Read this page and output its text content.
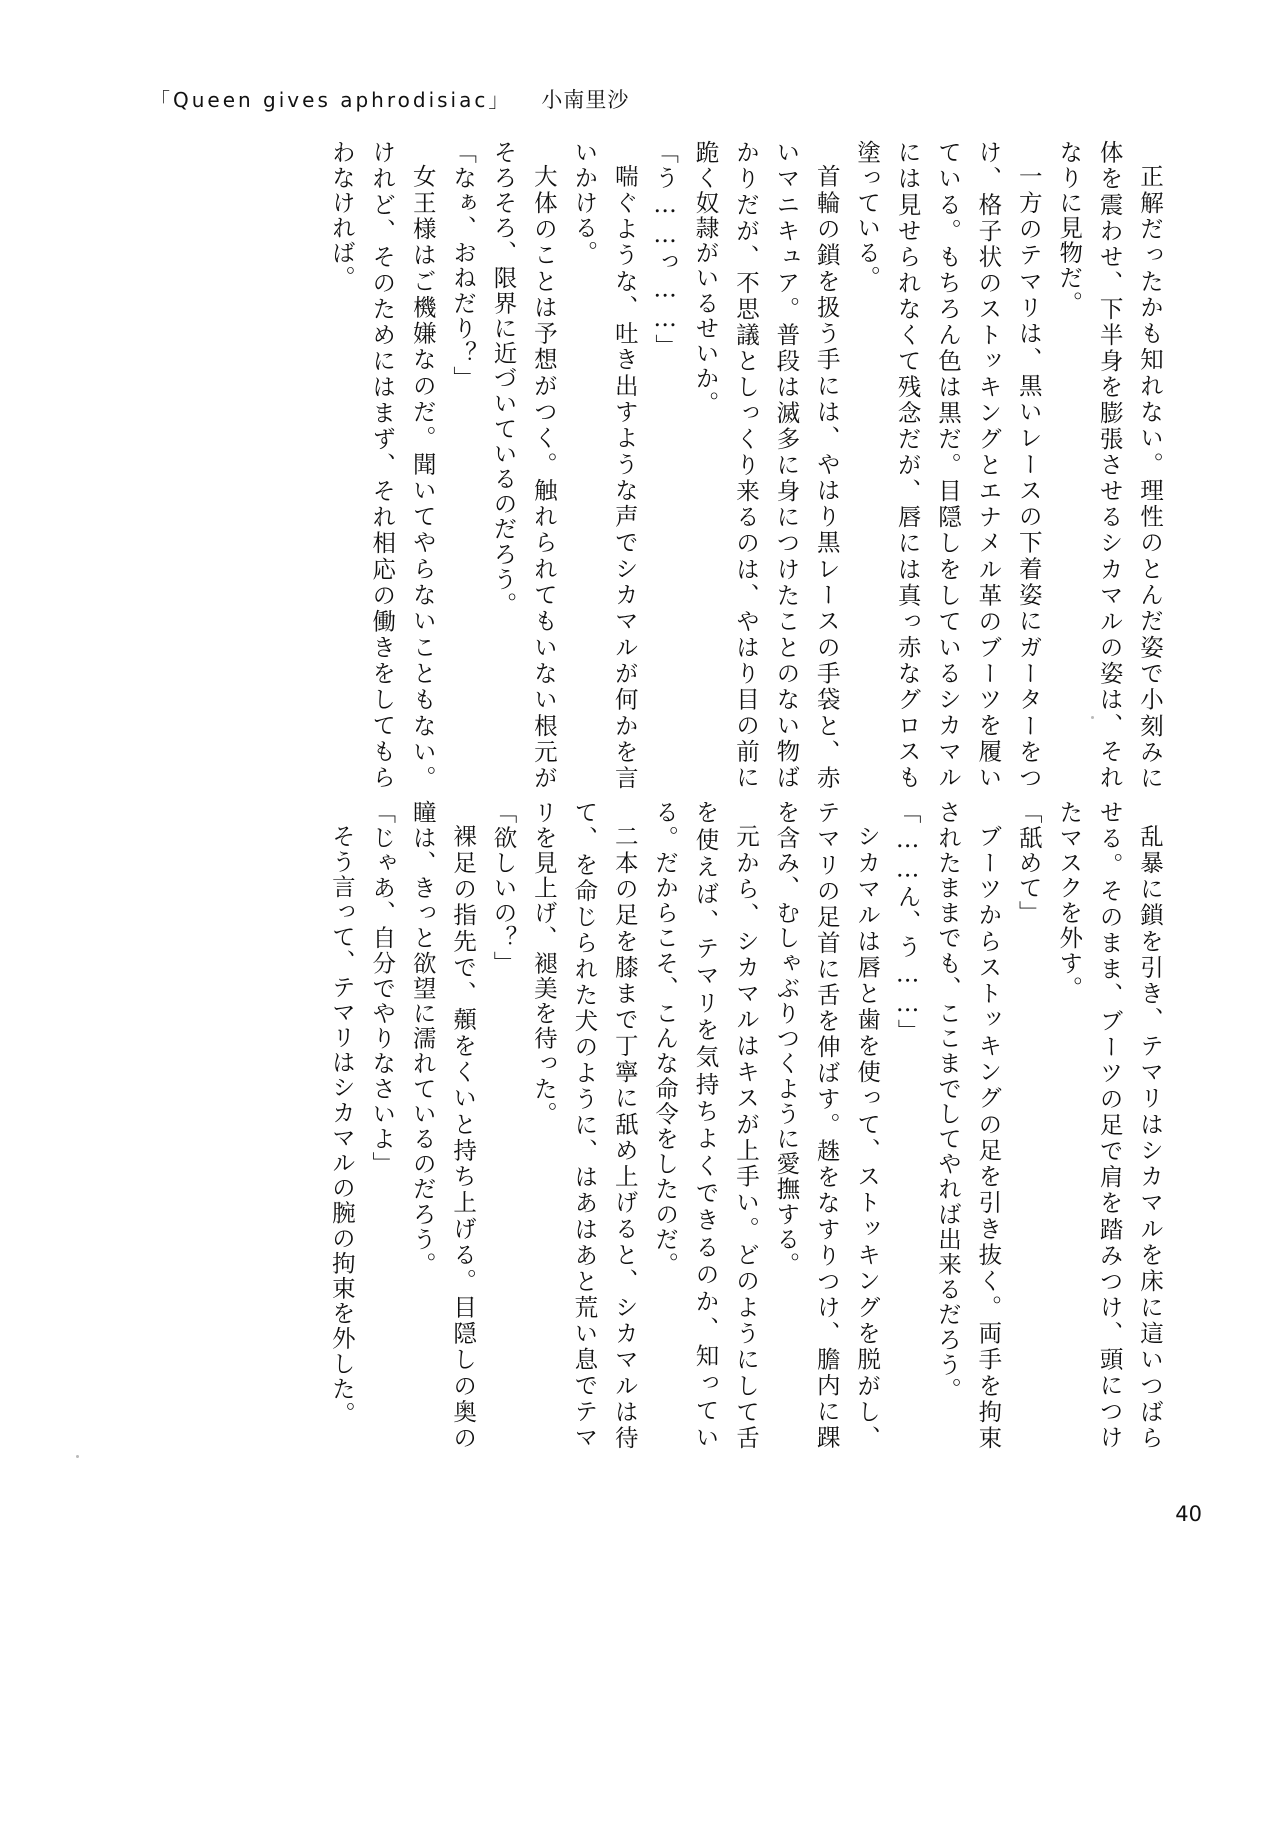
「Queen gives aphrodisiac」 小南里沙

正解だったかも知れない。理性のとんだ姿で小刻みに体を震わせ、下半身を膨張させるシカマルの姿は、それなりに見物だ。

一方のテマリは、黒いレースの下着姿にガーターをつけ、格子状のストッキングとエナメル革のブーツを履いている。もちろん色は黒だ。目隠しをしているシカマルには見せられなくて残念だが、唇には真っ赤なグロスも塗っている。

首輪の鎖を扱う手には、やはり黒レースの手袋と、赤いマニキュア。普段は滅多に身につけたことのない物ばかりだが、不思議としっくり来るのは、やはり目の前に跪く奴隷がいるせいか。

「う……っ……」

喘ぐような、吐き出すような声でシカマルが何かを言いかける。

大体のことは予想がつく。触れられてもいない根元がそろそろ、限界に近づいているのだろう。

「なぁ、おねだり？」

女王様はご機嫌なのだ。聞いてやらないこともない。けれど、そのためにはまず、それ相応の働きをしてもらわなければ。

乱暴に鎖を引き、テマリはシカマルを床に這いつばらせる。そのまま、ブーツの足で肩を踏みつけ、頭につけたマスクを外す。

「舐めて」

ブーツからストッキングの足を引き抜く。両手を拘束されたままでも、ここまでしてやれば出来るだろう。

「……ん、う……」

シカマルは唇と歯を使って、ストッキングを脱がし、テマリの足首に舌を伸ばす。趎をなすりつけ、膽内に踝を含み、むしゃぶりつくように愛撫する。

元から、シカマルはキスが上手い。どのようにして舌を使えば、テマリを気持ちよくできるのか、知っている。だからこそ、こんな命令をしたのだ。

二本の足を膝まで丁寧に舐め上げると、シカマルは待て、を命じられた犬のように、はあはあと荒い息でテマリを見上げ、褪美を待った。

「欲しいの？」

裸足の指先で、顤をくいと持ち上げる。目隠しの奥の瞳は、きっと欲望に濡れているのだろう。

「じゃあ、自分でやりなさいよ」

そう言って、テマリはシカマルの腕の拘束を外した。

40
